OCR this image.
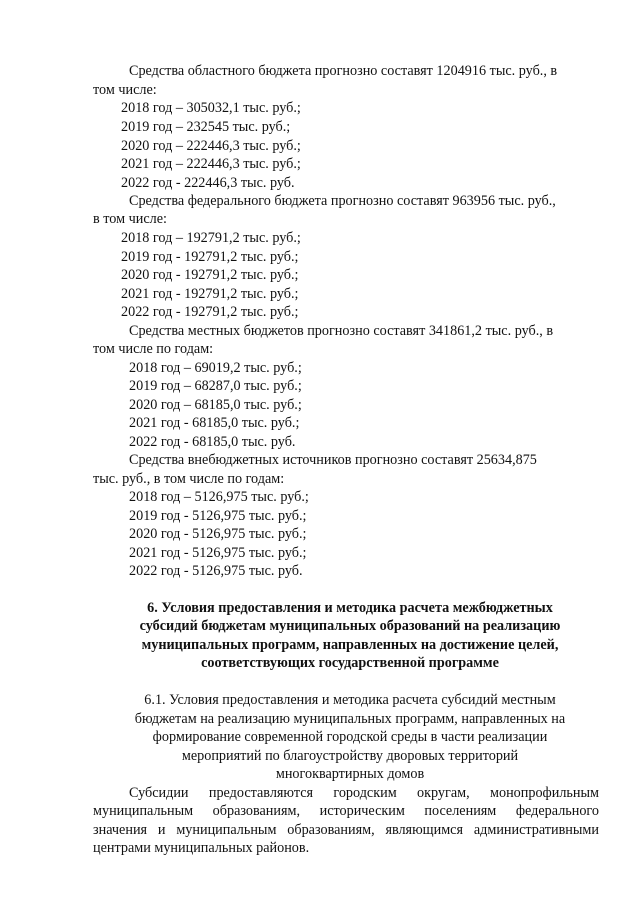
Средства областного бюджета прогнозно составят 1204916 тыс. руб., в
том числе:
2018 год – 305032,1 тыс. руб.;
2019 год – 232545 тыс. руб.;
2020 год – 222446,3 тыс. руб.;
2021 год – 222446,3 тыс. руб.;
2022 год - 222446,3 тыс. руб.
Средства федерального бюджета прогнозно составят 963956 тыс. руб.,
в том числе:
2018 год – 192791,2 тыс. руб.;
2019 год - 192791,2 тыс. руб.;
2020 год - 192791,2 тыс. руб.;
2021 год - 192791,2 тыс. руб.;
2022 год - 192791,2 тыс. руб.;
Средства местных бюджетов прогнозно составят 341861,2 тыс. руб., в
том числе по годам:
2018 год – 69019,2 тыс. руб.;
2019 год – 68287,0 тыс. руб.;
2020 год – 68185,0 тыс. руб.;
2021 год - 68185,0 тыс. руб.;
2022 год - 68185,0 тыс. руб.
Средства внебюджетных источников прогнозно составят 25634,875
тыс. руб., в том числе по годам:
2018 год – 5126,975 тыс. руб.;
2019 год - 5126,975 тыс. руб.;
2020 год - 5126,975 тыс. руб.;
2021 год - 5126,975 тыс. руб.;
2022 год - 5126,975 тыс. руб.
6. Условия предоставления и методика расчета межбюджетных
субсидий бюджетам муниципальных образований на реализацию
муниципальных программ, направленных на достижение целей,
соответствующих государственной программе
6.1. Условия предоставления и методика расчета субсидий местным
бюджетам на реализацию муниципальных программ, направленных на
формирование современной городской среды в части реализации
мероприятий по благоустройству дворовых территорий
многоквартирных домов
Субсидии предоставляются городским округам, монопрофильным
муниципальным образованиям, историческим поселениям федерального
значения и муниципальным образованиям, являющимся административными
центрами муниципальных районов.
